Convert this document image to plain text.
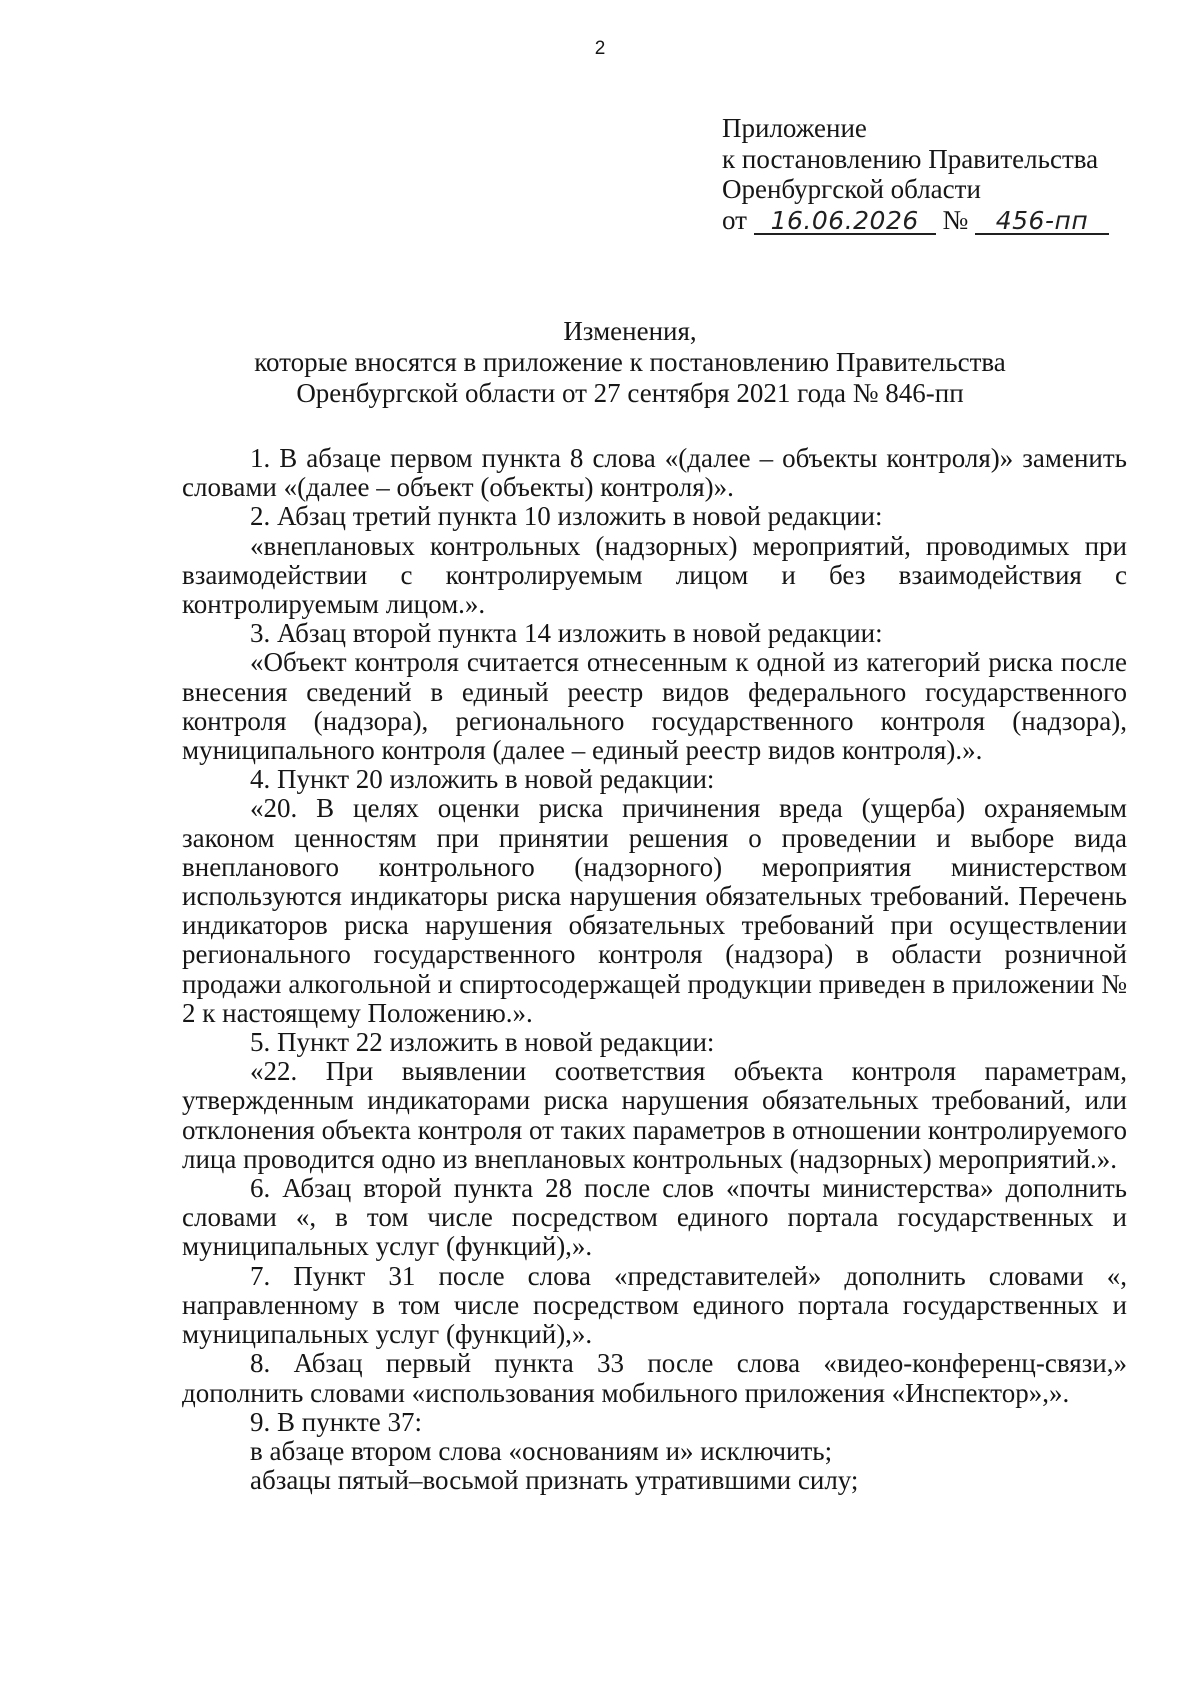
2
Приложение
к постановлению Правительства
Оренбургской области
от 16.06.2026 № 456-пп
Изменения,
которые вносятся в приложение к постановлению Правительства
Оренбургской области от 27 сентября 2021 года № 846-пп

1. В абзаце первом пункта 8 слова «(далее – объекты контроля)» заменить словами «(далее – объект (объекты) контроля)».

2. Абзац третий пункта 10 изложить в новой редакции:

«внеплановых контрольных (надзорных) мероприятий, проводимых при взаимодействии с контролируемым лицом и без взаимодействия с контролируемым лицом.».

3. Абзац второй пункта 14 изложить в новой редакции:

«Объект контроля считается отнесенным к одной из категорий риска после внесения сведений в единый реестр видов федерального государственного контроля (надзора), регионального государственного контроля (надзора), муниципального контроля (далее – единый реестр видов контроля).».

4. Пункт 20 изложить в новой редакции:

«20. В целях оценки риска причинения вреда (ущерба) охраняемым законом ценностям при принятии решения о проведении и выборе вида внепланового контрольного (надзорного) мероприятия министерством используются индикаторы риска нарушения обязательных требований. Перечень индикаторов риска нарушения обязательных требований при осуществлении регионального государственного контроля (надзора) в области розничной продажи алкогольной и спиртосодержащей продукции приведен в приложении № 2 к настоящему Положению.».

5. Пункт 22 изложить в новой редакции:

«22. При выявлении соответствия объекта контроля параметрам, утвержденным индикаторами риска нарушения обязательных требований, или отклонения объекта контроля от таких параметров в отношении контролируемого лица проводится одно из внеплановых контрольных (надзорных) мероприятий.».

6. Абзац второй пункта 28 после слов «почты министерства» дополнить словами «, в том числе посредством единого портала государственных и муниципальных услуг (функций),».

7. Пункт 31 после слова «представителей» дополнить словами «, направленному в том числе посредством единого портала государственных и муниципальных услуг (функций),».

8. Абзац первый пункта 33 после слова «видео-конференц-связи,» дополнить словами «использования мобильного приложения «Инспектор»,».

9. В пункте 37:

в абзаце втором слова «основаниям и» исключить;

абзацы пятый–восьмой признать утратившими силу;
